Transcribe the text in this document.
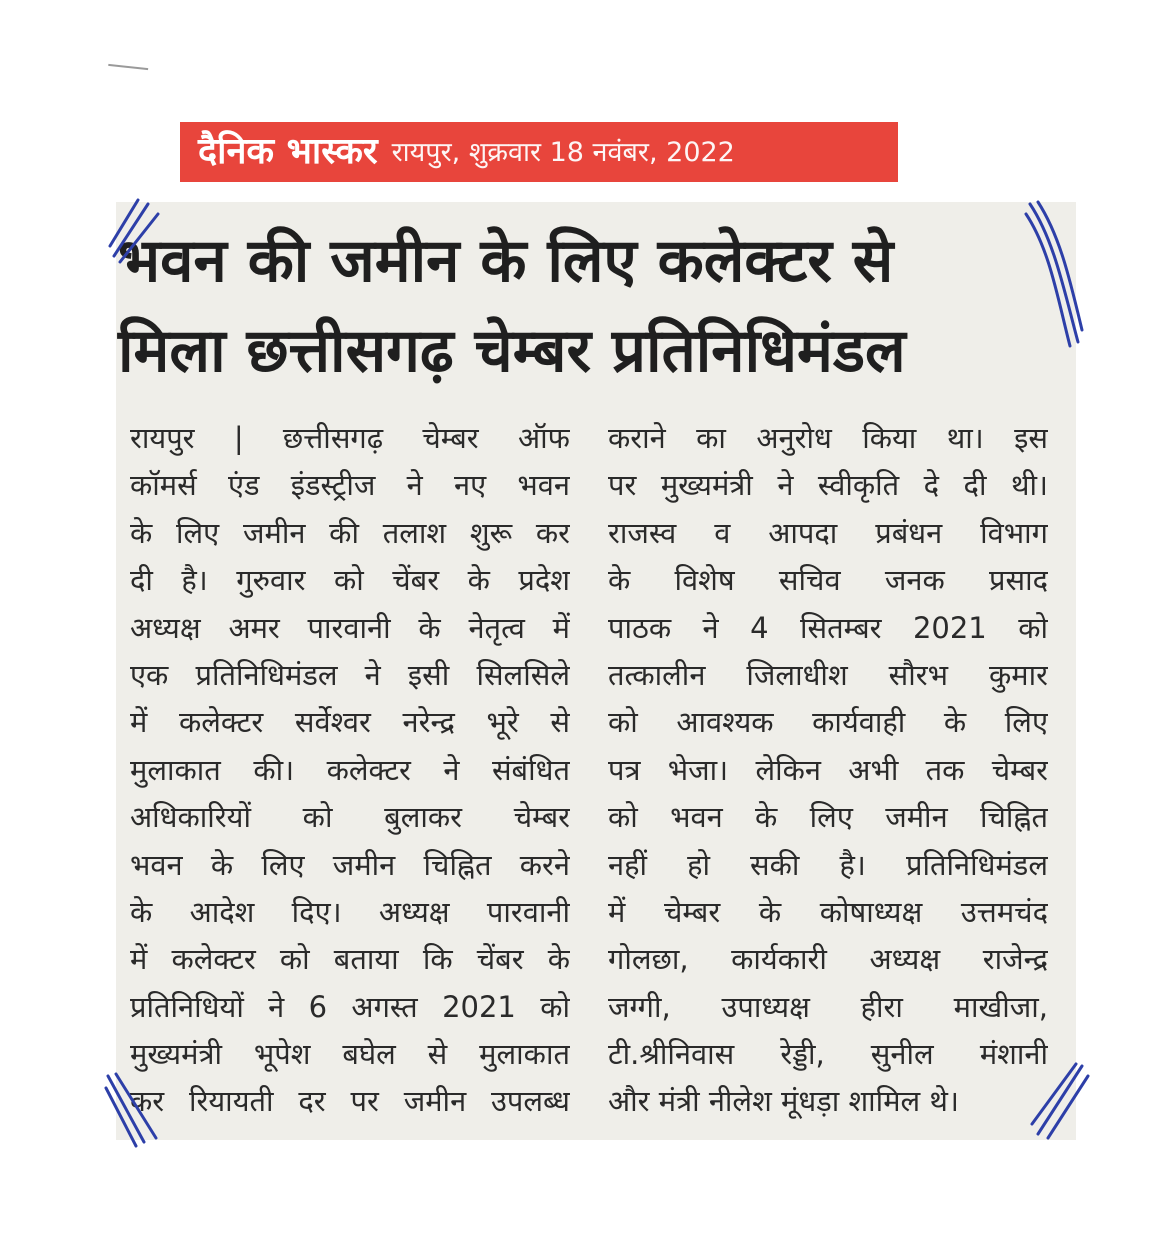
दैनिक भास्कर रायपुर, शुक्रवार 18 नवंबर, 2022
भवन की जमीन के लिए कलेक्टर से
मिला छत्तीसगढ़ चेम्बर प्रतिनिधिमंडल
रायपुर | छत्तीसगढ़ चेम्बर ऑफ
कॉमर्स एंड इंडस्ट्रीज ने नए भवन
के लिए जमीन की तलाश शुरू कर
दी है। गुरुवार को चेंबर के प्रदेश
अध्यक्ष अमर पारवानी के नेतृत्व में
एक प्रतिनिधिमंडल ने इसी सिलसिले
में कलेक्टर सर्वेश्वर नरेन्द्र भूरे से
मुलाकात की। कलेक्टर ने संबंधित
अधिकारियों को बुलाकर चेम्बर
भवन के लिए जमीन चिह्नित करने
के आदेश दिए। अध्यक्ष पारवानी
में कलेक्टर को बताया कि चेंबर के
प्रतिनिधियों ने 6 अगस्त 2021 को
मुख्यमंत्री भूपेश बघेल से मुलाकात
कर रियायती दर पर जमीन उपलब्ध
कराने का अनुरोध किया था। इस
पर मुख्यमंत्री ने स्वीकृति दे दी थी।
राजस्व व आपदा प्रबंधन विभाग
के विशेष सचिव जनक प्रसाद
पाठक ने 4 सितम्बर 2021 को
तत्कालीन जिलाधीश सौरभ कुमार
को आवश्यक कार्यवाही के लिए
पत्र भेजा। लेकिन अभी तक चेम्बर
को भवन के लिए जमीन चिह्नित
नहीं हो सकी है। प्रतिनिधिमंडल
में चेम्बर के कोषाध्यक्ष उत्तमचंद
गोलछा, कार्यकारी अध्यक्ष राजेन्द्र
जग्गी, उपाध्यक्ष हीरा माखीजा,
टी.श्रीनिवास रेड्डी, सुनील मंशानी
और मंत्री नीलेश मूंधड़ा शामिल थे।
